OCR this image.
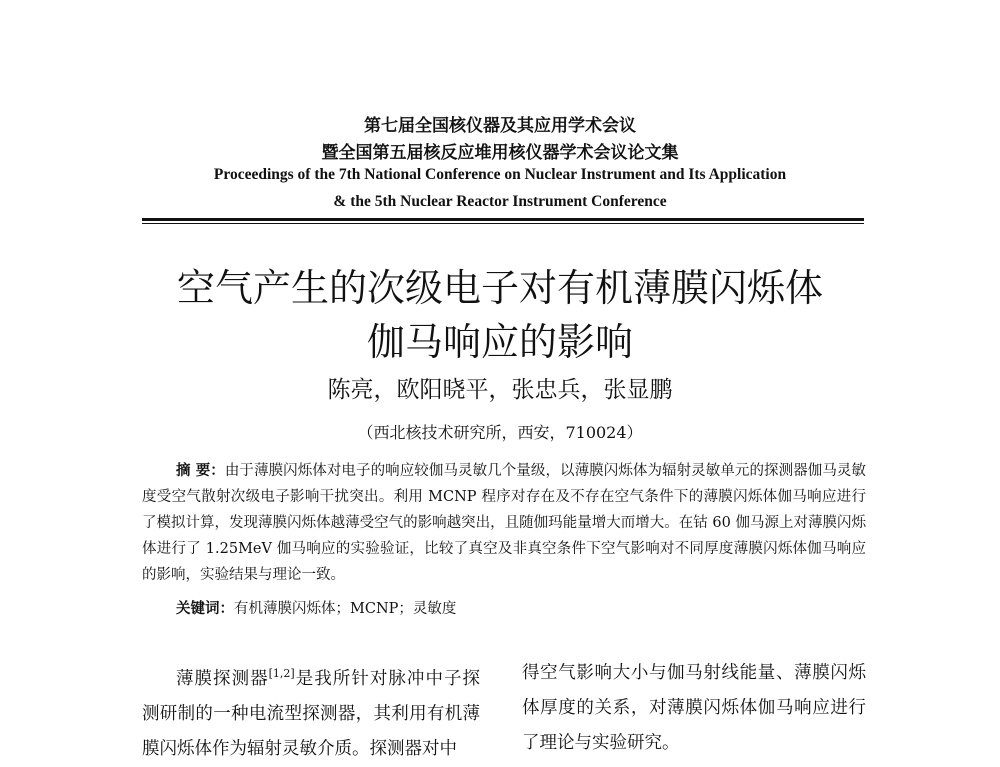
第七届全国核仪器及其应用学术会议
暨全国第五届核反应堆用核仪器学术会议论文集
Proceedings of the 7th National Conference on Nuclear Instrument and Its Application
& the 5th Nuclear Reactor Instrument Conference
空气产生的次级电子对有机薄膜闪烁体
伽马响应的影响
陈亮，欧阳晓平，张忠兵，张显鹏
（西北核技术研究所，西安，710024）
摘 要：由于薄膜闪烁体对电子的响应较伽马灵敏几个量级，以薄膜闪烁体为辐射灵敏单元的探测器伽马灵敏度受空气散射次级电子影响干扰突出。利用 MCNP 程序对存在及不存在空气条件下的薄膜闪烁体伽马响应进行了模拟计算，发现薄膜闪烁体越薄受空气的影响越突出，且随伽玛能量增大而增大。在钴 60 伽马源上对薄膜闪烁体进行了 1.25MeV 伽马响应的实验验证，比较了真空及非真空条件下空气影响对不同厚度薄膜闪烁体伽马响应的影响，实验结果与理论一致。
关键词：有机薄膜闪烁体；MCNP；灵敏度
薄膜探测器[1,2]是我所针对脉冲中子探测研制的一种电流型探测器，其利用有机薄膜闪烁体作为辐射灵敏介质。探测器对中
得空气影响大小与伽马射线能量、薄膜闪烁体厚度的关系，对薄膜闪烁体伽马响应进行了理论与实验研究。
